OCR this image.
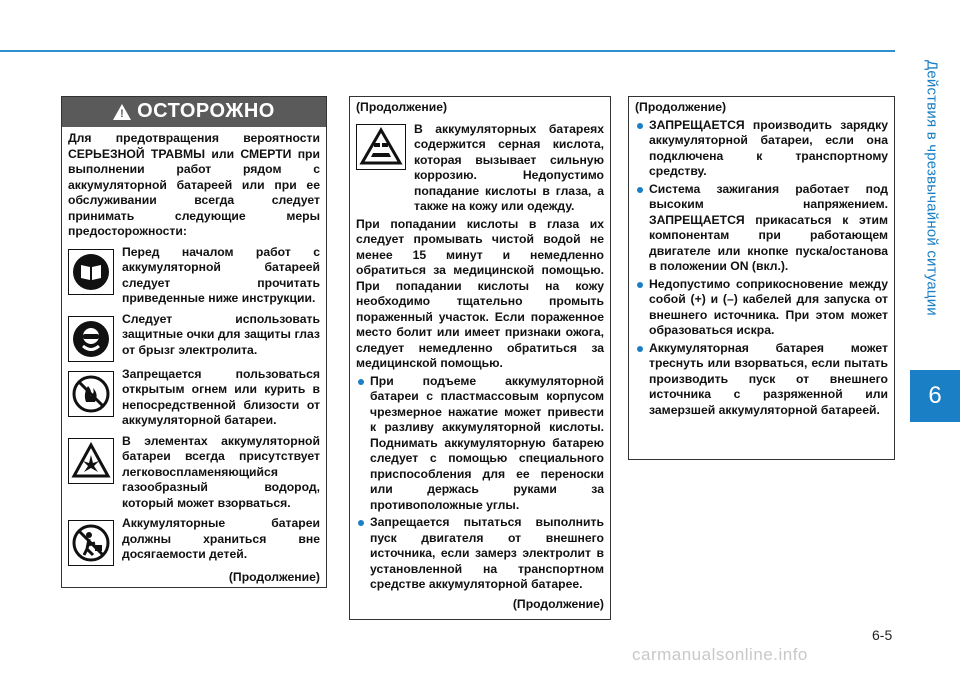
Действия в чрезвычайной ситуации
6
! ОСТОРОЖНО
Для предотвращения вероятности СЕРЬЕЗНОЙ ТРАВМЫ или СМЕРТИ при выполнении работ рядом с аккумуляторной батареей или при ее обслуживании всегда следует принимать следующие меры предосторожности:
Перед началом работ с аккумуляторной батареей следует прочитать приведенные ниже инструкции.
Следует использовать защитные очки для защиты глаз от брызг электролита.
Запрещается пользоваться открытым огнем или курить в непосредственной близости от аккумуляторной батареи.
В элементах аккумуляторной батареи всегда присутствует легковоспламеняющийся газообразный водород, который может взорваться.
Аккумуляторные батареи должны храниться вне досягаемости детей.
(Продолжение)
(Продолжение)
В аккумуляторных батареях содержится серная кислота, которая вызывает сильную коррозию. Недопустимо попадание кислоты в глаза, а также на кожу или одежду.
При попадании кислоты в глаза их следует промывать чистой водой не менее 15 минут и немедленно обратиться за медицинской помощью. При попадании кислоты на кожу необходимо тщательно промыть пораженный участок. Если пораженное место болит или имеет признаки ожога, следует немедленно обратиться за медицинской помощью.
При подъеме аккумуляторной батареи с пластмассовым корпусом чрезмерное нажатие может привести к разливу аккумуляторной кислоты. Поднимать аккумуляторную батарею следует с помощью специального приспособления для ее переноски или держась руками за противоположные углы.
Запрещается пытаться выполнить пуск двигателя от внешнего источника, если замерз электролит в установленной на транспортном средстве аккумуляторной батарее.
(Продолжение)
(Продолжение)
ЗАПРЕЩАЕТСЯ производить зарядку аккумуляторной батареи, если она подключена к транспортному средству.
Система зажигания работает под высоким напряжением. ЗАПРЕЩАЕТСЯ прикасаться к этим компонентам при работающем двигателе или кнопке пуска/останова в положении ON (вкл.).
Недопустимо соприкосновение между собой (+) и (–) кабелей для запуска от внешнего источника. При этом может образоваться искра.
Аккумуляторная батарея может треснуть или взорваться, если пытать производить пуск от внешнего источника с разряженной или замерзшей аккумуляторной батареей.
6-5
carmanualsonline.info
